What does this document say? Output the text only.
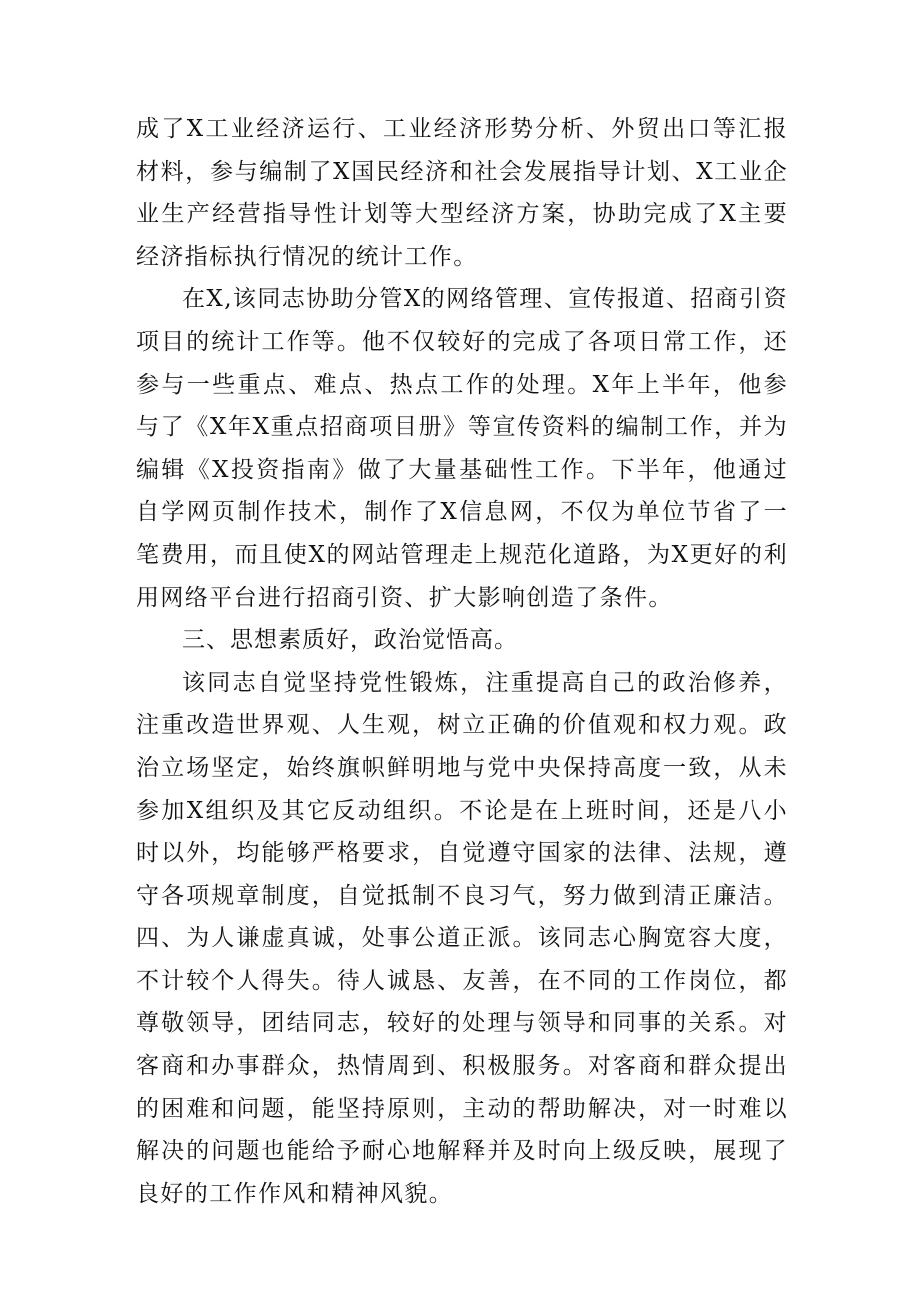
成了X工业经济运行、工业经济形势分析、外贸出口等汇报材料，参与编制了X国民经济和社会发展指导计划、X工业企业生产经营指导性计划等大型经济方案，协助完成了X主要经济指标执行情况的统计工作。

在X,该同志协助分管X的网络管理、宣传报道、招商引资项目的统计工作等。他不仅较好的完成了各项日常工作，还参与一些重点、难点、热点工作的处理。X年上半年，他参与了《X年X重点招商项目册》等宣传资料的编制工作，并为编辑《X投资指南》做了大量基础性工作。下半年，他通过自学网页制作技术，制作了X信息网，不仅为单位节省了一笔费用，而且使X的网站管理走上规范化道路，为X更好的利用网络平台进行招商引资、扩大影响创造了条件。

三、思想素质好，政治觉悟高。

该同志自觉坚持党性锻炼，注重提高自己的政治修养，注重改造世界观、人生观，树立正确的价值观和权力观。政治立场坚定，始终旗帜鲜明地与党中央保持高度一致，从未参加X组织及其它反动组织。不论是在上班时间，还是八小时以外，均能够严格要求，自觉遵守国家的法律、法规，遵守各项规章制度，自觉抵制不良习气，努力做到清正廉洁。四、为人谦虚真诚，处事公道正派。该同志心胸宽容大度，不计较个人得失。待人诚恳、友善，在不同的工作岗位，都尊敬领导，团结同志，较好的处理与领导和同事的关系。对客商和办事群众，热情周到、积极服务。对客商和群众提出的困难和问题，能坚持原则，主动的帮助解决，对一时难以解决的问题也能给予耐心地解释并及时向上级反映，展现了良好的工作作风和精神风貌。
